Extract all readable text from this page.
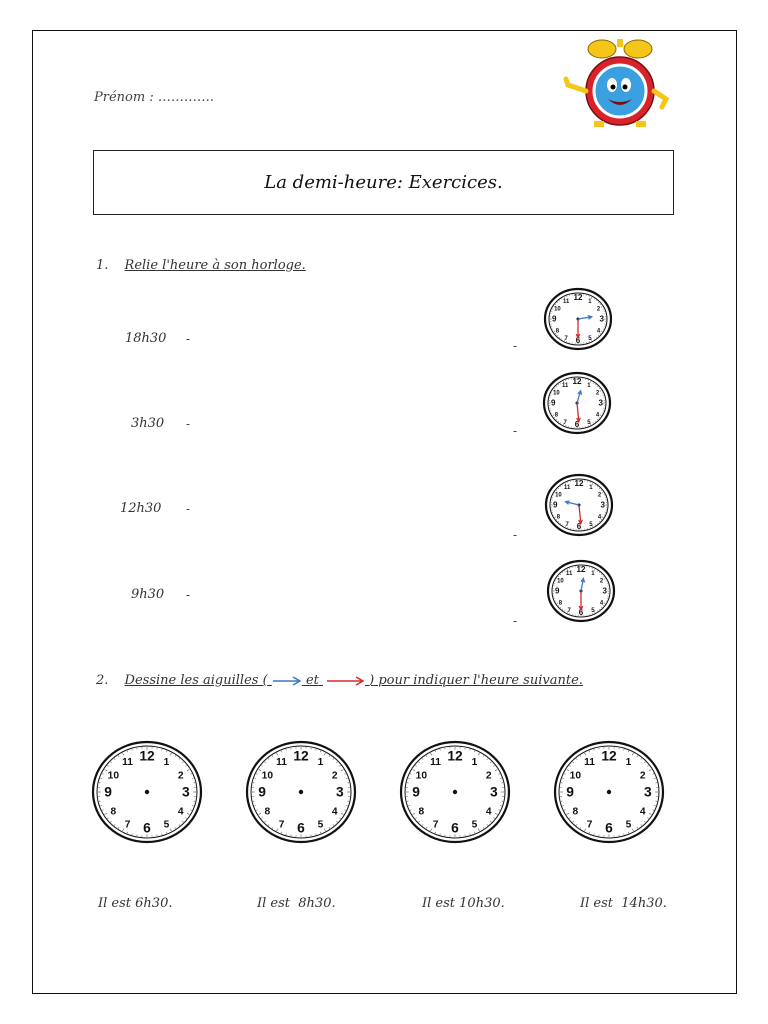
Prénom : ………….
La demi-heure: Exercices.
1. Relie l'heure à son horloge.
18h30
3h30
12h30
9h30
-
-
-
-
-
-
-
-
12 1
2
3
4
5
6
7
8
9
10
11
12 1
2
3
4
5
6
7
8
9
10
11
12 1
2
3
4
5
6
7
8
9
10
11
12 1
2
3
4
5
6
7
8
9
10
11
2. Dessine les aiguilles (	et	) pour indiquer l'heure suivante.
12 1
2
3
4
5
6
7
8
9
10
11	12 1
2
3
4
5
6
7
8
9
10
11	12 1
2
3
4
5
6
7
8
9
10
11	12 1
2
3
4
5
6
7
8
9
10
11
Il est 6h30.	Il est 8h30.	Il est 10h30.	Il est 14h30.
